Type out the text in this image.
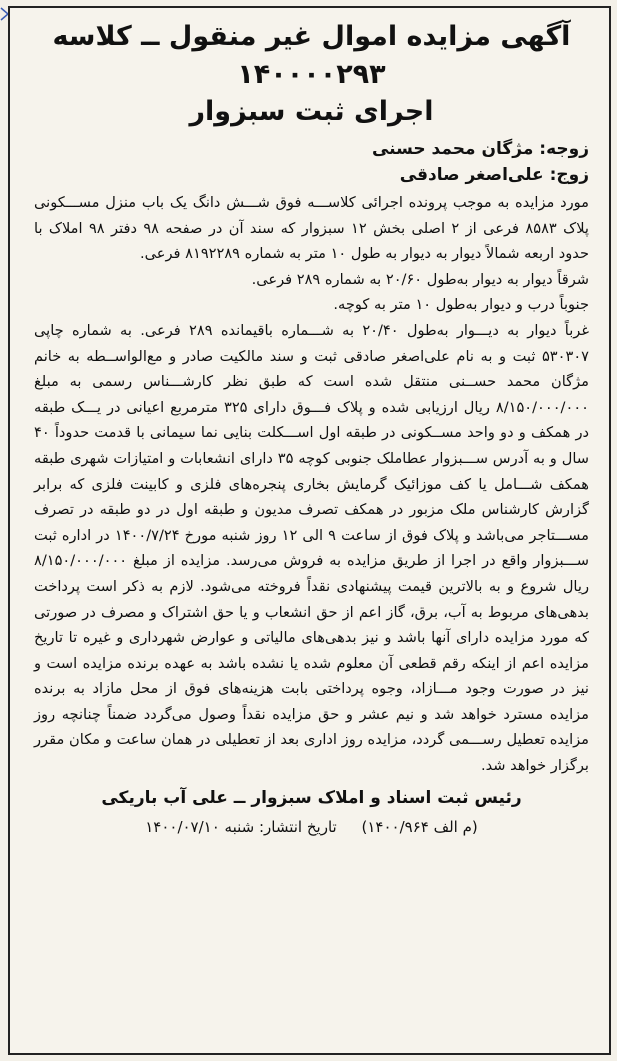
آگهی مزایده اموال غیر منقول ــ کلاسه ۱۴۰۰۰۰۲۹۳
اجرای ثبت سبزوار

زوجه: مژگان محمد حسنی

زوج: علی‌اصغر صادقی

مورد مزایده به موجب پرونده اجرائی کلاســـه فوق شـــش دانگ یک باب منزل مســـکونی پلاک ۸۵۸۳ فرعی از ۲ اصلی بخش ۱۲ سبزوار که سند آن در صفحه ۹۸ دفتر ۹۸ املاک با حدود اربعه شمالاً دیوار به دیوار به طول ۱۰ متر به شماره ۸۱۹۲۲۸۹ فرعی.

شرقاً دیوار به دیوار به‌طول ۲۰/۶۰ به شماره ۲۸۹ فرعی.

جنوباً درب و دیوار به‌طول ۱۰ متر به کوچه.

غرباً دیوار به دیـــوار به‌طول ۲۰/۴۰ به شـــماره باقیمانده ۲۸۹ فرعی. به شماره چاپی ۵۳۰۳۰۷ ثبت و به نام علی‌اصغر صادقی ثبت و سند مالکیت صادر و مع‌الواســطه به خانم مژگان محمد حســنی منتقل شده است که طبق نظر کارشـــناس رسمی به مبلغ ۸/۱۵۰/۰۰۰/۰۰۰ ریال ارزیابی شده و پلاک فـــوق دارای ۳۲۵ مترمربع اعیانی در یـــک طبقه در همکف و دو واحد مســکونی در طبقه اول اســـکلت بنایی نما سیمانی با قدمت حدوداً ۴۰ سال و به آدرس ســـبزوار عطاملک جنوبی کوچه ۳۵ دارای انشعابات و امتیازات شهری طبقه همکف شـــامل یا کف موزائیک گرمایش بخاری پنجره‌های فلزی و کابینت فلزی که برابر گزارش کارشناس ملک مزبور در همکف تصرف مدیون و طبقه اول در دو طبقه در تصرف مســـتاجر می‌باشد و پلاک فوق از ساعت ۹ الی ۱۲ روز شنبه مورخ ۱۴۰۰/۷/۲۴ در اداره ثبت ســـبزوار واقع در اجرا از طریق مزایده به فروش می‌رسد. مزایده از مبلغ ۸/۱۵۰/۰۰۰/۰۰۰ ریال شروع و به بالاترین قیمت پیشنهادی نقداً فروخته می‌شود. لازم به ذکر است پرداخت بدهی‌های مربوط به آب، برق، گاز اعم از حق انشعاب و یا حق اشتراک و مصرف در صورتی که مورد مزایده دارای آنها باشد و نیز بدهی‌های مالیاتی و عوارض شهرداری و غیره تا تاریخ مزایده اعم از اینکه رقم قطعی آن معلوم شده یا نشده باشد به عهده برنده مزایده است و نیز در صورت وجود مـــازاد، وجوه پرداختی بابت هزینه‌های فوق از محل مازاد به برنده مزایده مسترد خواهد شد و نیم عشر و حق مزایده نقداً وصول می‌گردد ضمناً چنانچه روز مزایده تعطیل رســـمی گردد، مزایده روز اداری بعد از تعطیلی در همان ساعت و مکان مقرر برگزار خواهد شد.

رئیس ثبت اسناد و املاک سبزوار ــ علی آب باریکی

(م الف ۱۴۰۰/۹۶۴) تاریخ انتشار: شنبه ۱۴۰۰/۰۷/۱۰
